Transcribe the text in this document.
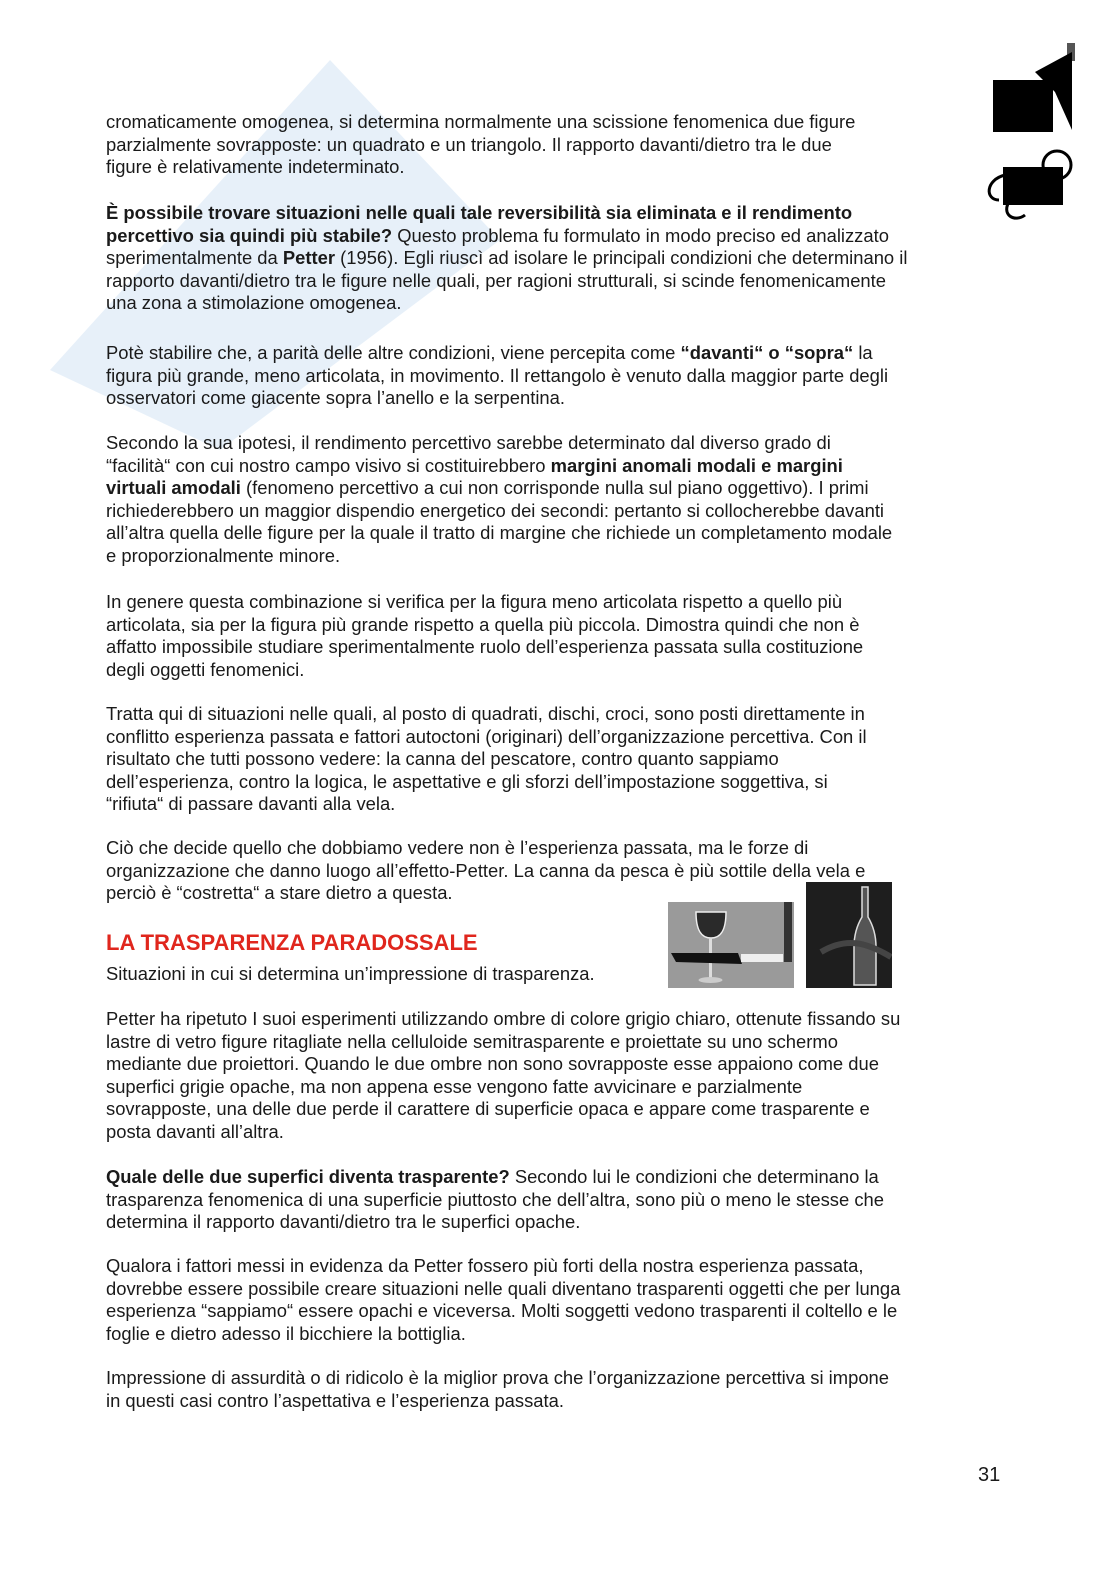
cromaticamente omogenea, si determina normalmente una scissione fenomenica due figure
parzialmente sovrapposte: un quadrato e un triangolo. Il rapporto davanti/dietro tra le due
figure è relativamente indeterminato.
È possibile trovare situazioni nelle quali tale reversibilità sia eliminata e il rendimento
percettivo sia quindi più stabile? Questo problema fu formulato in modo preciso ed analizzato
sperimentalmente da Petter (1956). Egli riuscì ad isolare le principali condizioni che determinano il
rapporto davanti/dietro tra le figure nelle quali, per ragioni strutturali, si scinde fenomenicamente
una zona a stimolazione omogenea.
Potè stabilire che, a parità delle altre condizioni, viene percepita come “davanti“ o “sopra“ la
figura più grande, meno articolata, in movimento. Il rettangolo è venuto dalla maggior parte degli
osservatori come giacente sopra l’anello e la serpentina.
Secondo la sua ipotesi, il rendimento percettivo sarebbe determinato dal diverso grado di
“facilità“ con cui nostro campo visivo si costituirebbero margini anomali modali e margini
virtuali amodali (fenomeno percettivo a cui non corrisponde nulla sul piano oggettivo). I primi
richiederebbero un maggior dispendio energetico dei secondi: pertanto si collocherebbe davanti
all’altra quella delle figure per la quale il tratto di margine che richiede un completamento modale
e proporzionalmente minore.
In genere questa combinazione si verifica per la figura meno articolata rispetto a quello più
articolata, sia per la figura più grande rispetto a quella più piccola. Dimostra quindi che non è
affatto impossibile studiare sperimentalmente ruolo dell’esperienza passata sulla costituzione
degli oggetti fenomenici.
Tratta qui di situazioni nelle quali, al posto di quadrati, dischi, croci, sono posti direttamente in
conflitto esperienza passata e fattori autoctoni (originari) dell’organizzazione percettiva. Con il
risultato che tutti possono vedere: la canna del pescatore, contro quanto sappiamo
dell’esperienza, contro la logica, le aspettative e gli sforzi dell’impostazione soggettiva, si
“rifiuta“ di passare davanti alla vela.
Ciò che decide quello che dobbiamo vedere non è l’esperienza passata, ma le forze di
organizzazione che danno luogo all’effetto-Petter. La canna da pesca è più sottile della vela e
perciò è “costretta“ a stare dietro a questa.
LA TRASPARENZA PARADOSSALE
Situazioni in cui si determina un’impressione di trasparenza.
Petter ha ripetuto I suoi esperimenti utilizzando ombre di colore grigio chiaro, ottenute fissando su
lastre di vetro figure ritagliate nella celluloide semitrasparente e proiettate su uno schermo
mediante due proiettori. Quando le due ombre non sono sovrapposte esse appaiono come due
superfici grigie opache, ma non appena esse vengono fatte avvicinare e parzialmente
sovrapposte, una delle due perde il carattere di superficie opaca e appare come trasparente e
posta davanti all’altra.
Quale delle due superfici diventa trasparente? Secondo lui le condizioni che determinano la
trasparenza fenomenica di una superficie piuttosto che dell’altra, sono più o meno le stesse che
determina il rapporto davanti/dietro tra le superfici opache.
Qualora i fattori messi in evidenza da Petter fossero più forti della nostra esperienza passata,
dovrebbe essere possibile creare situazioni nelle quali diventano trasparenti oggetti che per lunga
esperienza “sappiamo“ essere opachi e viceversa. Molti soggetti vedono trasparenti il coltello e le
foglie e dietro adesso il bicchiere la bottiglia.
Impressione di assurdità o di ridicolo è la miglior prova che l’organizzazione percettiva si impone
in questi casi contro l’aspettativa e l’esperienza passata.
31
